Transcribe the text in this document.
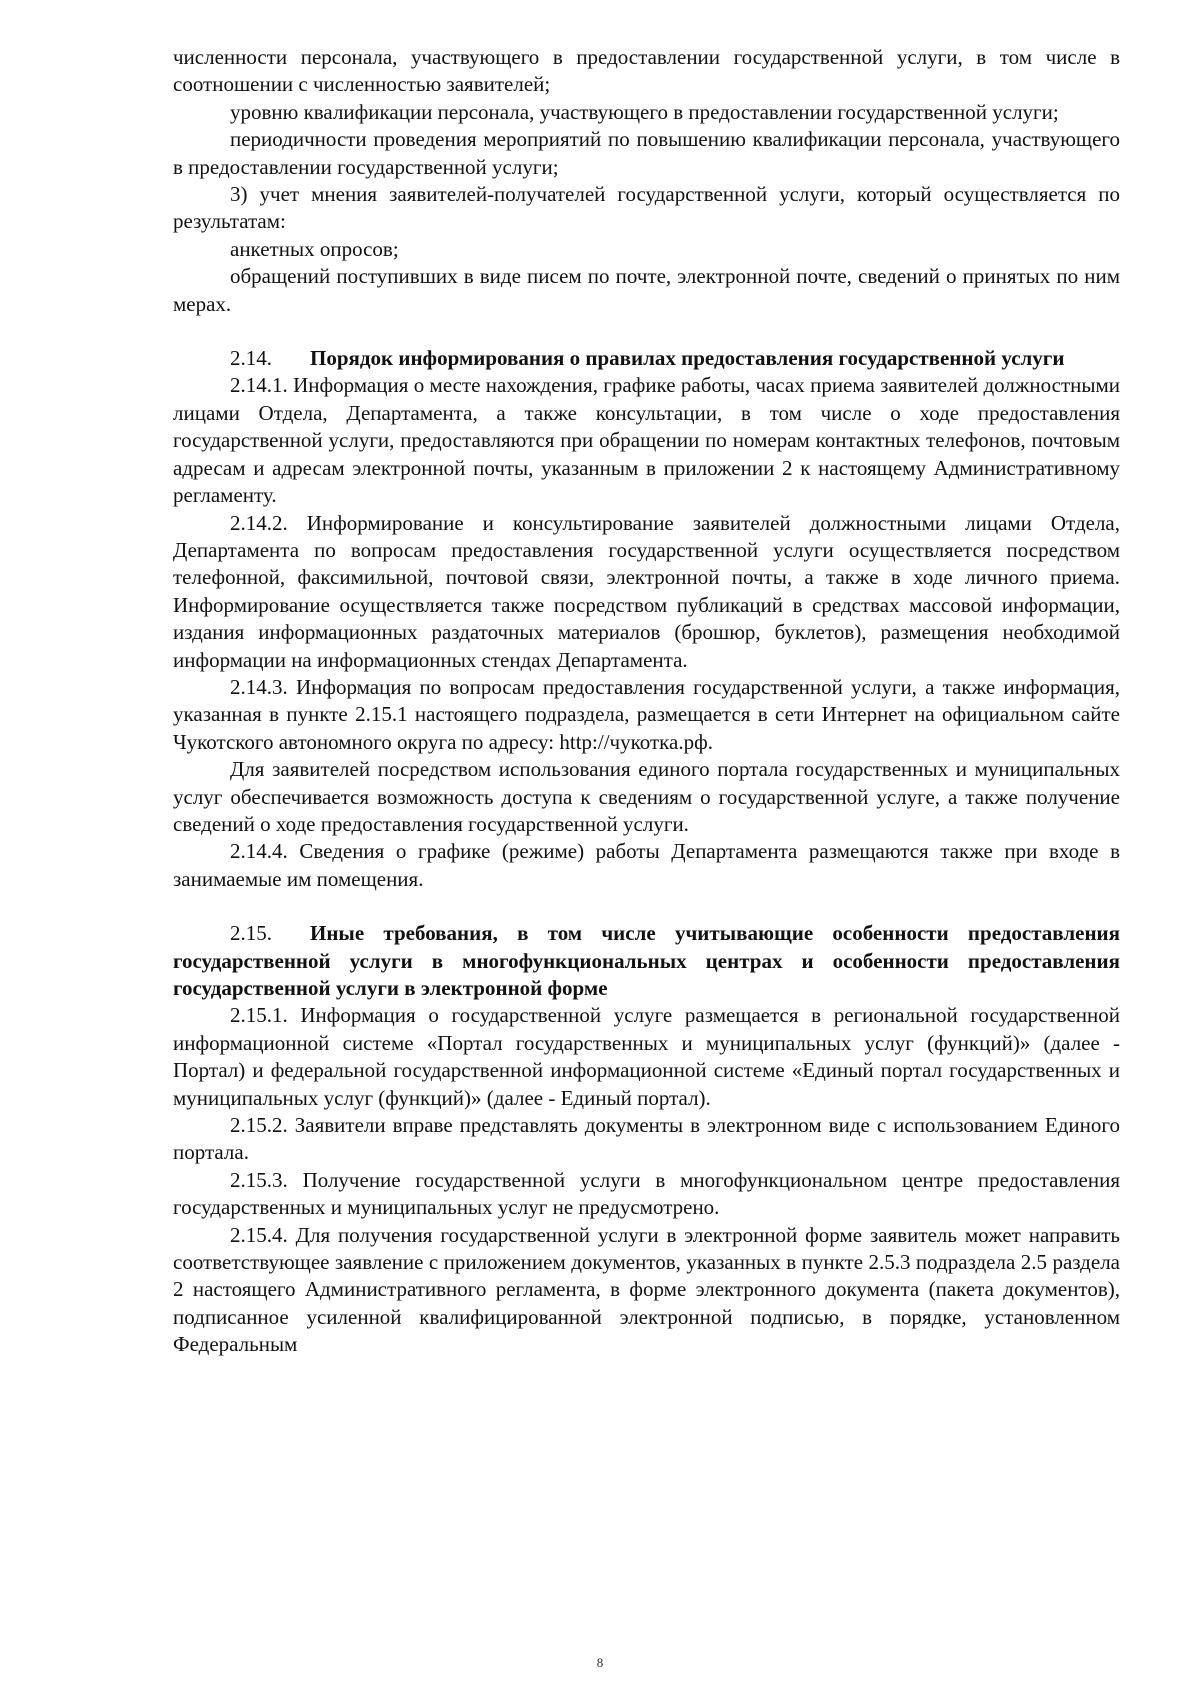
численности персонала, участвующего в предоставлении государственной услуги, в том числе в соотношении с численностью заявителей;

уровню квалификации персонала, участвующего в предоставлении государственной услуги;

периодичности проведения мероприятий по повышению квалификации персонала, участвующего в предоставлении государственной услуги;

3) учет мнения заявителей-получателей государственной услуги, который осуществляется по результатам:

анкетных опросов;

обращений поступивших в виде писем по почте, электронной почте, сведений о принятых по ним мерах.

2.14. Порядок информирования о правилах предоставления государственной услуги

2.14.1. Информация о месте нахождения, графике работы, часах приема заявителей должностными лицами Отдела, Департамента, а также консультации, в том числе о ходе предоставления государственной услуги, предоставляются при обращении по номерам контактных телефонов, почтовым адресам и адресам электронной почты, указанным в приложении 2 к настоящему Административному регламенту.

2.14.2. Информирование и консультирование заявителей должностными лицами Отдела, Департамента по вопросам предоставления государственной услуги осуществляется посредством телефонной, факсимильной, почтовой связи, электронной почты, а также в ходе личного приема. Информирование осуществляется также посредством публикаций в средствах массовой информации, издания информационных раздаточных материалов (брошюр, буклетов), размещения необходимой информации на информационных стендах Департамента.

2.14.3. Информация по вопросам предоставления государственной услуги, а также информация, указанная в пункте 2.15.1 настоящего подраздела, размещается в сети Интернет на официальном сайте Чукотского автономного округа по адресу: http://чукотка.рф.

Для заявителей посредством использования единого портала государственных и муниципальных услуг обеспечивается возможность доступа к сведениям о государственной услуге, а также получение сведений о ходе предоставления государственной услуги.

2.14.4. Сведения о графике (режиме) работы Департамента размещаются также при входе в занимаемые им помещения.

2.15. Иные требования, в том числе учитывающие особенности предоставления государственной услуги в многофункциональных центрах и особенности предоставления государственной услуги в электронной форме

2.15.1. Информация о государственной услуге размещается в региональной государственной информационной системе «Портал государственных и муниципальных услуг (функций)» (далее - Портал) и федеральной государственной информационной системе «Единый портал государственных и муниципальных услуг (функций)» (далее - Единый портал).

2.15.2. Заявители вправе представлять документы в электронном виде с использованием Единого портала.

2.15.3. Получение государственной услуги в многофункциональном центре предоставления государственных и муниципальных услуг не предусмотрено.

2.15.4. Для получения государственной услуги в электронной форме заявитель может направить соответствующее заявление с приложением документов, указанных в пункте 2.5.3 подраздела 2.5 раздела 2 настоящего Административного регламента, в форме электронного документа (пакета документов), подписанное усиленной квалифицированной электронной подписью, в порядке, установленном Федеральным

8
